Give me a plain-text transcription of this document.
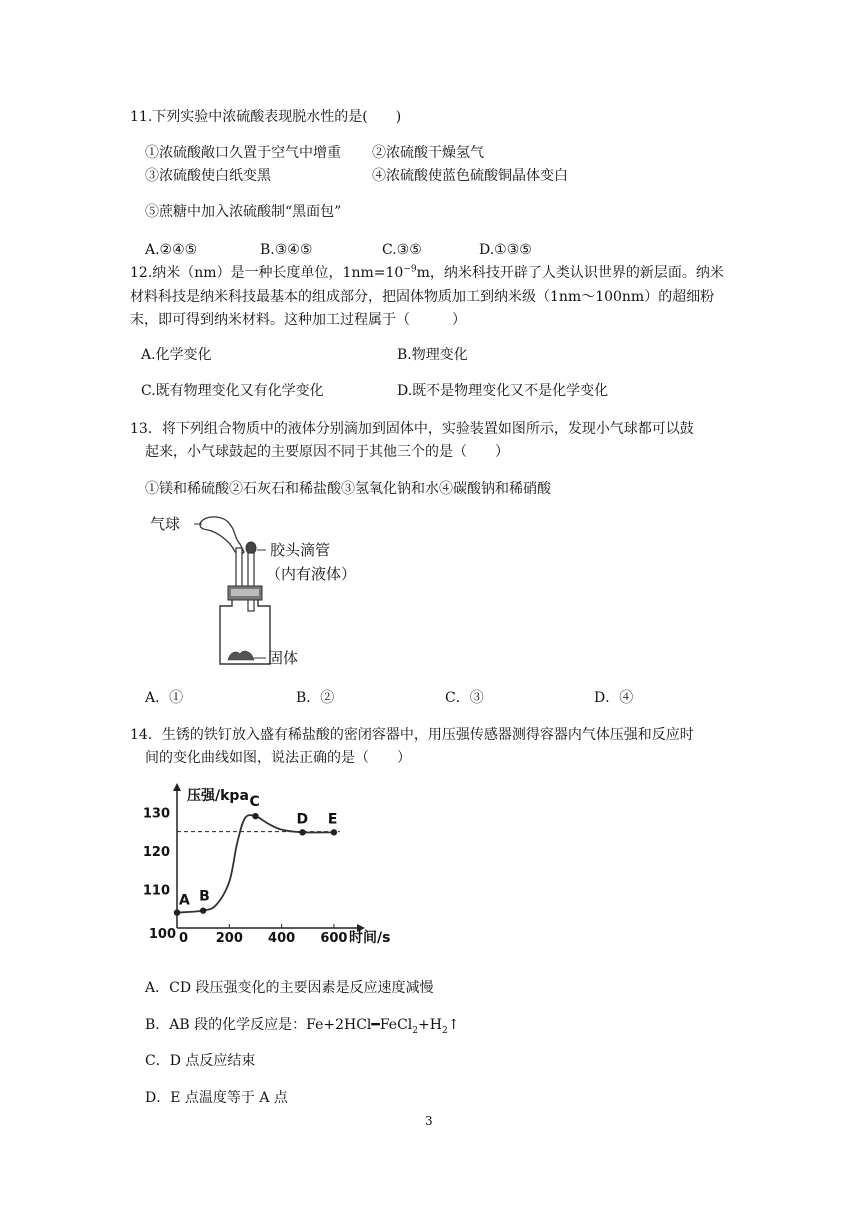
11.下列实验中浓硫酸表现脱水性的是(　　)
①浓硫酸敞口久置于空气中增重 ②浓硫酸干燥氢气
③浓硫酸使白纸变黑	④浓硫酸使蓝色硫酸铜晶体变白
⑤蔗糖中加入浓硫酸制“黑面包”
A.②④⑤	B.③④⑤	C.③⑤	D.①③⑤
12.纳米（nm）是一种长度单位，$1nm=10^{-9}m$，纳米科技开辟了人类认识世界的新层面。纳米
材料科技是纳米科技最基本的组成部分，把固体物质加工到纳米级（1nm～100nm）的超细粉
末，即可得到纳米材料。这种加工过程属于（　　　）
A.化学变化	B.物理变化
C.既有物理变化又有化学变化	D.既不是物理变化又不是化学变化
13．将下列组合物质中的液体分别滴加到固体中，实验装置如图所示，发现小气球都可以鼓
起来，小气球鼓起的主要原因不同于其他三个的是（　　）
①镁和稀硫酸②石灰石和稀盐酸③氢氧化钠和水④碳酸钠和稀硝酸
气球
胶头滴管
（内有液体）
固体
A．①	B．②	C．③	D．④
14．生锈的铁钉放入盛有稀盐酸的密闭容器中，用压强传感器测得容器内气体压强和反应时
间的变化曲线如图，说法正确的是（　　）
0 200 400 600
100
110
120
130
A B
C
D E
压强/kpa
时间/s
A．CD 段压强变化的主要因素是反应速度减慢
B．AB 段的化学反应是：$Fe+2HCl━FeCl_2+H_2↑$
C．D 点反应结束
D．E 点温度等于 A 点
3
